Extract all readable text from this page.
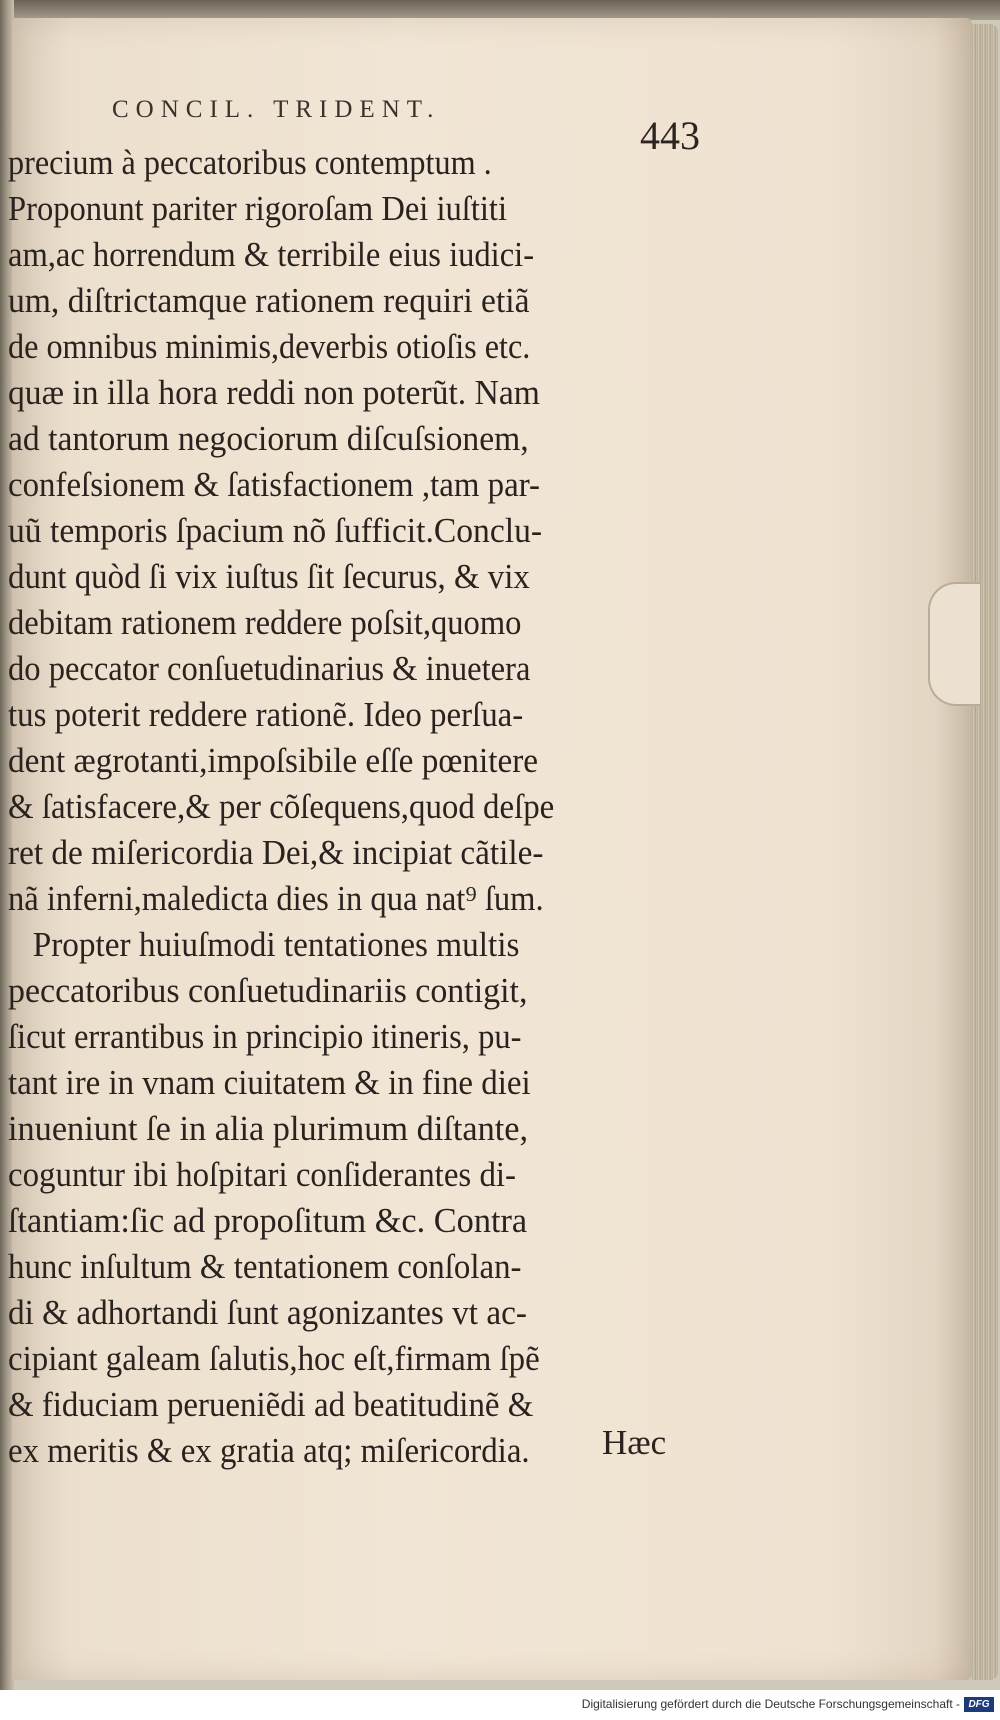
CONCIL. TRIDENT.
443
precium à peccatoribus contemptum .
Proponunt pariter rigoroſam Dei iuſtiti
am,ac horrendum & terribile eius iudici-
um, diſtrictamque rationem requiri etiã
de omnibus minimis,deverbis otioſis etc.
quæ in illa hora reddi non poterũt. Nam
ad tantorum negociorum diſcuſsionem,
confeſsionem & ſatisfactionem ,tam par-
uũ temporis ſpacium nõ ſufficit.Conclu-
dunt quòd ſi vix iuſtus ſit ſecurus, & vix
debitam rationem reddere poſsit,quomo
do peccator conſuetudinarius & inuetera
tus poterit reddere rationẽ. Ideo perſua-
dent ægrotanti,impoſsibile eſſe pœnitere
& ſatisfacere,& per cõſequens,quod deſpe
ret de miſericordia Dei,& incipiat cãtile-
nã inferni,maledicta dies in qua nat⁹ ſum.
Propter huiuſmodi tentationes multis
peccatoribus conſuetudinariis contigit,
ſicut errantibus in principio itineris, pu-
tant ire in vnam ciuitatem & in fine diei
inueniunt ſe in alia plurimum diſtante,
coguntur ibi hoſpitari conſiderantes di-
ſtantiam:ſic ad propoſitum &c. Contra
hunc inſultum & tentationem conſolan-
di & adhortandi ſunt agonizantes vt ac-
cipiant galeam ſalutis,hoc eſt,firmam ſpẽ
& fiduciam perueniẽdi ad beatitudinẽ &
ex meritis & ex gratia atq; miſericordia.	Hæc
Digitalisierung gefördert durch die Deutsche Forschungsgemeinschaft - DFG
